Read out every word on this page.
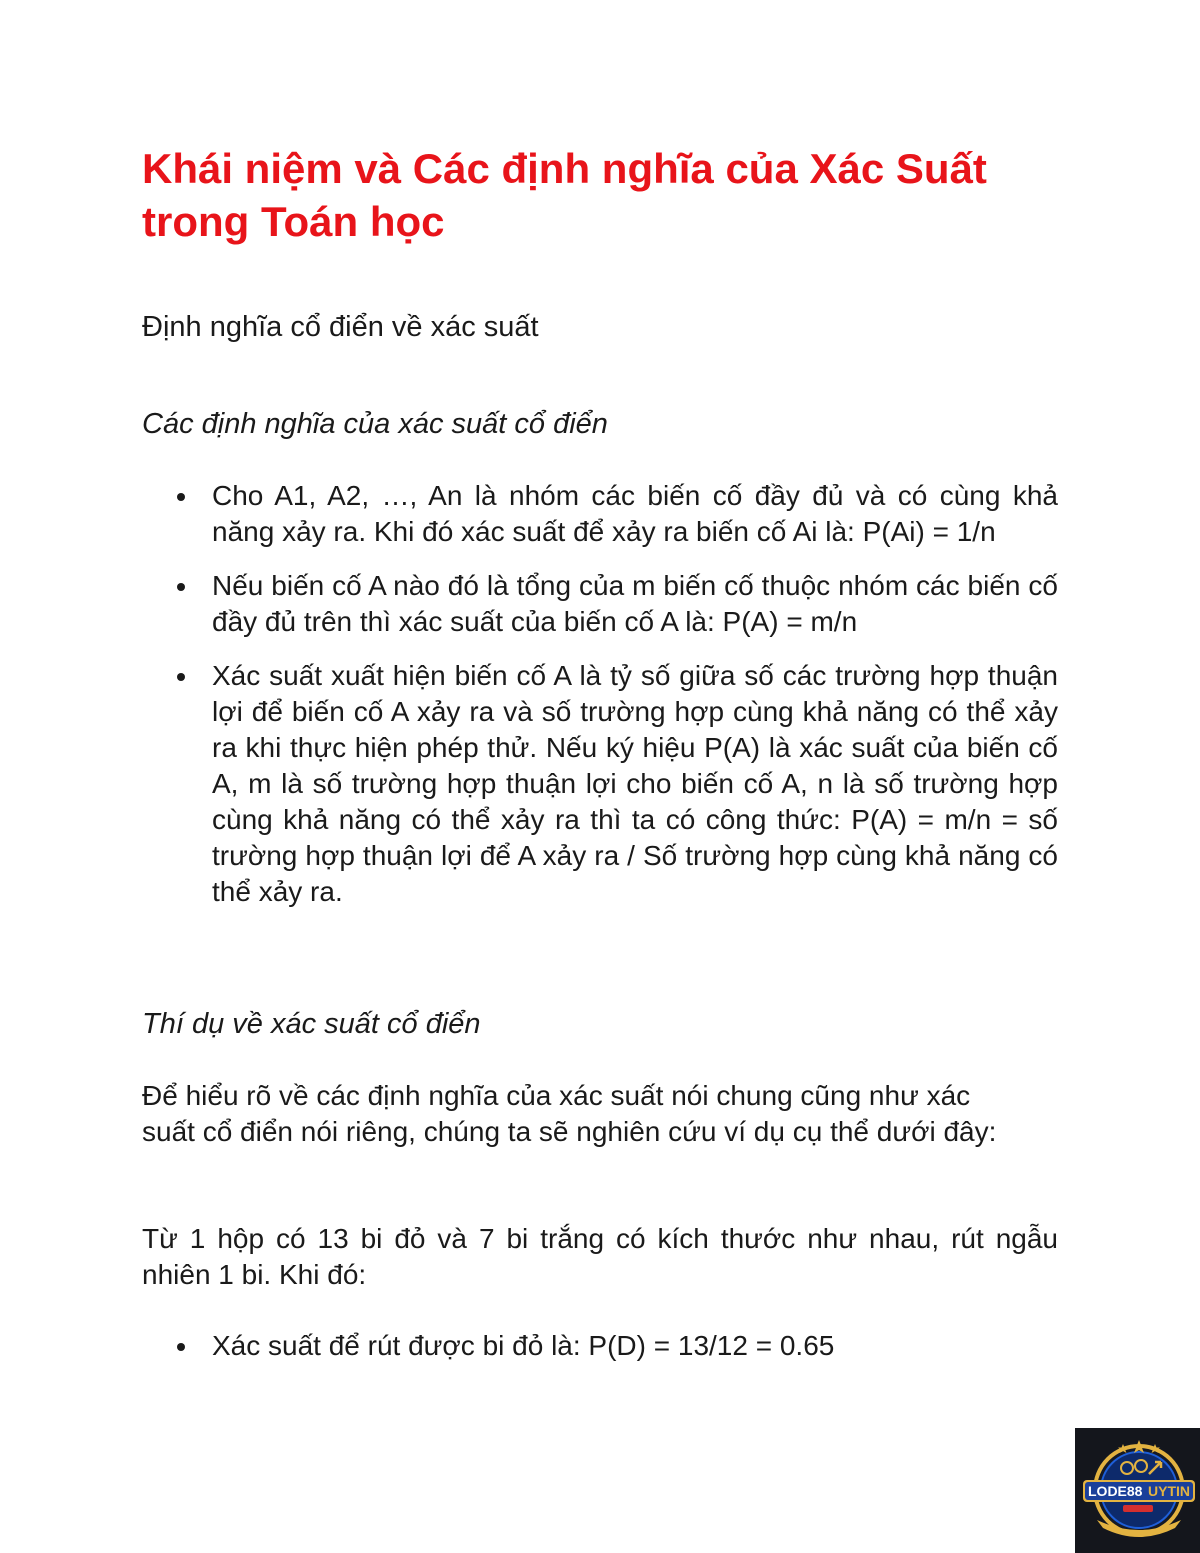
Khái niệm và Các định nghĩa của Xác Suất trong Toán học
Định nghĩa cổ điển về xác suất
Các định nghĩa của xác suất cổ điển
Cho A1, A2, …, An là nhóm các biến cố đầy đủ và có cùng khả năng xảy ra. Khi đó xác suất để xảy ra biến cố Ai là: P(Ai) = 1/n
Nếu biến cố A nào đó là tổng của m biến cố thuộc nhóm các biến cố đầy đủ trên thì xác suất của biến cố A là: P(A) = m/n
Xác suất xuất hiện biến cố A là tỷ số giữa số các trường hợp thuận lợi để biến cố A xảy ra và số trường hợp cùng khả năng có thể xảy ra khi thực hiện phép thử. Nếu ký hiệu P(A) là xác suất của biến cố A, m là số trường hợp thuận lợi cho biến cố A, n là số trường hợp cùng khả năng có thể xảy ra thì ta có công thức: P(A) = m/n = số trường hợp thuận lợi để A xảy ra / Số trường hợp cùng khả năng có thể xảy ra.
Thí dụ về xác suất cổ điển

Để hiểu rõ về các định nghĩa của xác suất nói chung cũng như xác suất cổ điển nói riêng, chúng ta sẽ nghiên cứu ví dụ cụ thể dưới đây:

Từ 1 hộp có 13 bi đỏ và 7 bi trắng có kích thước như nhau, rút ngẫu nhiên 1 bi. Khi đó:

Xác suất để rút được bi đỏ là: P(D) = 13/12 = 0.65
LODE88 UYTIN
